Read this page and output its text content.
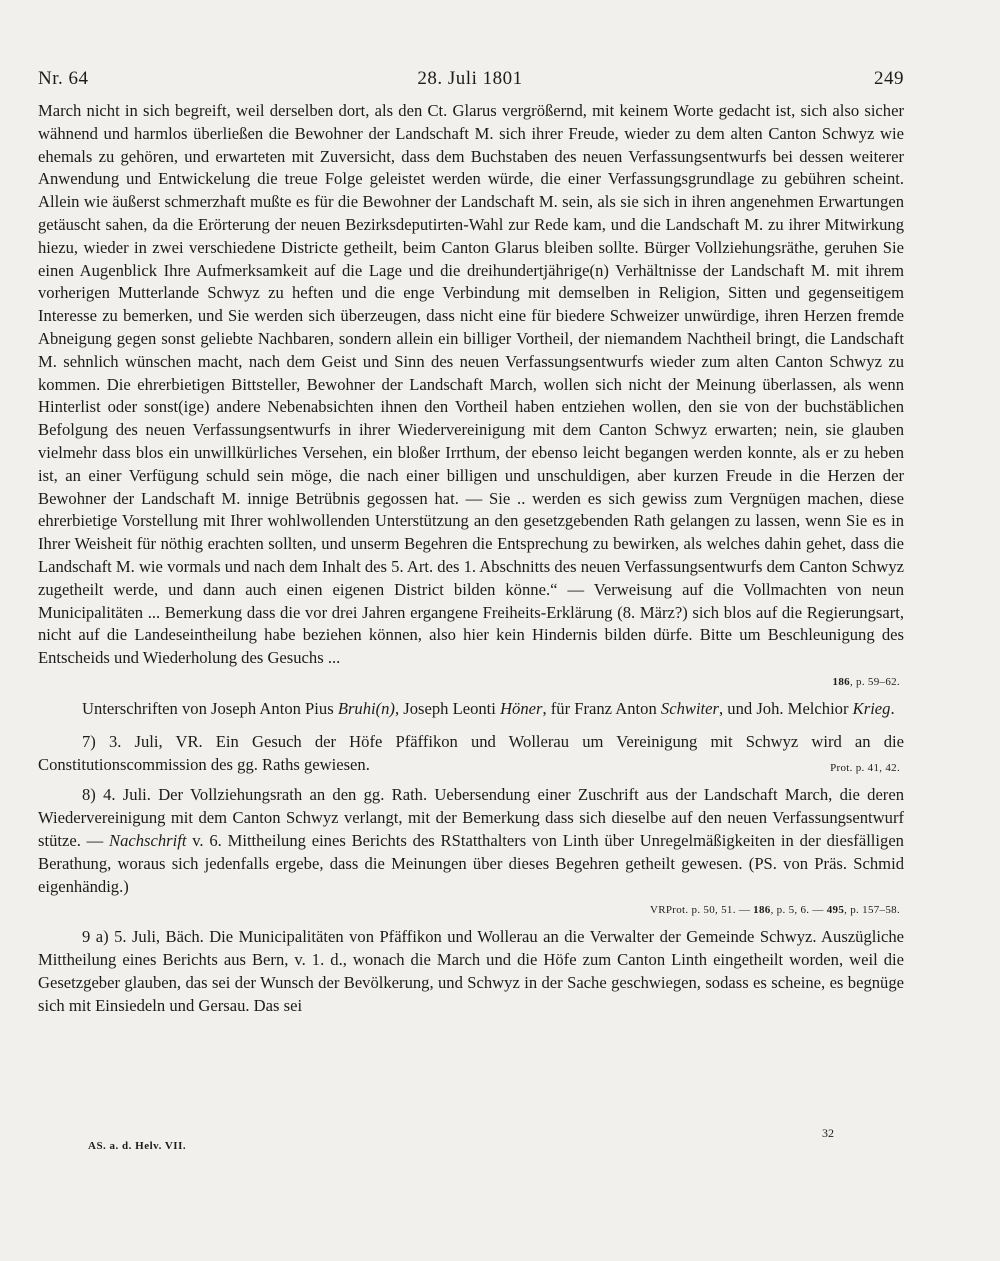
Nr. 64	28. Juli 1801	249

March nicht in sich begreift, weil derselben dort, als den Ct. Glarus vergrößernd, mit keinem Worte gedacht ist, sich also sicher wähnend und harmlos überließen die Bewohner der Landschaft M. sich ihrer Freude, wieder zu dem alten Canton Schwyz wie ehemals zu gehören, und erwarteten mit Zuversicht, dass dem Buchstaben des neuen Verfassungsentwurfs bei dessen weiterer Anwendung und Entwickelung die treue Folge geleistet werden würde, die einer Verfassungsgrundlage zu gebühren scheint. Allein wie äußerst schmerzhaft mußte es für die Bewohner der Landschaft M. sein, als sie sich in ihren angenehmen Erwartungen getäuscht sahen, da die Erörterung der neuen Bezirksdeputirten-Wahl zur Rede kam, und die Landschaft M. zu ihrer Mitwirkung hiezu, wieder in zwei verschiedene Districte getheilt, beim Canton Glarus bleiben sollte. Bürger Vollziehungsräthe, geruhen Sie einen Augenblick Ihre Aufmerksamkeit auf die Lage und die dreihundertjährige(n) Verhältnisse der Landschaft M. mit ihrem vorherigen Mutterlande Schwyz zu heften und die enge Verbindung mit demselben in Religion, Sitten und gegenseitigem Interesse zu bemerken, und Sie werden sich überzeugen, dass nicht eine für biedere Schweizer unwürdige, ihren Herzen fremde Abneigung gegen sonst geliebte Nachbaren, sondern allein ein billiger Vortheil, der niemandem Nachtheil bringt, die Landschaft M. sehnlich wünschen macht, nach dem Geist und Sinn des neuen Verfassungsentwurfs wieder zum alten Canton Schwyz zu kommen. Die ehrerbietigen Bittsteller, Bewohner der Landschaft March, wollen sich nicht der Meinung überlassen, als wenn Hinterlist oder sonst(ige) andere Nebenabsichten ihnen den Vortheil haben entziehen wollen, den sie von der buchstäblichen Befolgung des neuen Verfassungsentwurfs in ihrer Wiedervereinigung mit dem Canton Schwyz erwarten; nein, sie glauben vielmehr dass blos ein unwillkürliches Versehen, ein bloßer Irrthum, der ebenso leicht begangen werden konnte, als er zu heben ist, an einer Verfügung schuld sein möge, die nach einer billigen und unschuldigen, aber kurzen Freude in die Herzen der Bewohner der Landschaft M. innige Betrübnis gegossen hat. — Sie .. werden es sich gewiss zum Vergnügen machen, diese ehrerbietige Vorstellung mit Ihrer wohlwollenden Unterstützung an den gesetzgebenden Rath gelangen zu lassen, wenn Sie es in Ihrer Weisheit für nöthig erachten sollten, und unserm Begehren die Entsprechung zu bewirken, als welches dahin gehet, dass die Landschaft M. wie vormals und nach dem Inhalt des 5. Art. des 1. Abschnitts des neuen Verfassungsentwurfs dem Canton Schwyz zugetheilt werde, und dann auch einen eigenen District bilden könne.“ — Verweisung auf die Vollmachten von neun Municipalitäten ... Bemerkung dass die vor drei Jahren ergangene Freiheits-Erklärung (8. März?) sich blos auf die Regierungsart, nicht auf die Landeseintheilung habe beziehen können, also hier kein Hindernis bilden dürfe. Bitte um Beschleunigung des Entscheids und Wiederholung des Gesuchs ...

186, p. 59–62.

Unterschriften von Joseph Anton Pius Bruhi(n), Joseph Leonti Höner, für Franz Anton Schwiter, und Joh. Melchior Krieg.

7) 3. Juli, VR. Ein Gesuch der Höfe Pfäffikon und Wollerau um Vereinigung mit Schwyz wird an die Constitutionscommission des gg. Raths gewiesen.	Prot. p. 41, 42.

8) 4. Juli. Der Vollziehungsrath an den gg. Rath. Uebersendung einer Zuschrift aus der Landschaft March, die deren Wiedervereinigung mit dem Canton Schwyz verlangt, mit der Bemerkung dass sich dieselbe auf den neuen Verfassungsentwurf stütze. — Nachschrift v. 6. Mittheilung eines Berichts des RStatthalters von Linth über Unregelmäßigkeiten in der diesfälligen Berathung, woraus sich jedenfalls ergebe, dass die Meinungen über dieses Begehren getheilt gewesen. (PS. von Präs. Schmid eigenhändig.)

VRProt. p. 50, 51. — 186, p. 5, 6. — 495, p. 157–58.

9 a) 5. Juli, Bäch. Die Municipalitäten von Pfäffikon und Wollerau an die Verwalter der Gemeinde Schwyz. Auszügliche Mittheilung eines Berichts aus Bern, v. 1. d., wonach die March und die Höfe zum Canton Linth eingetheilt worden, weil die Gesetzgeber glauben, das sei der Wunsch der Bevölkerung, und Schwyz in der Sache geschwiegen, sodass es scheine, es begnüge sich mit Einsiedeln und Gersau. Das sei

AS. a. d. Helv. VII.
32
